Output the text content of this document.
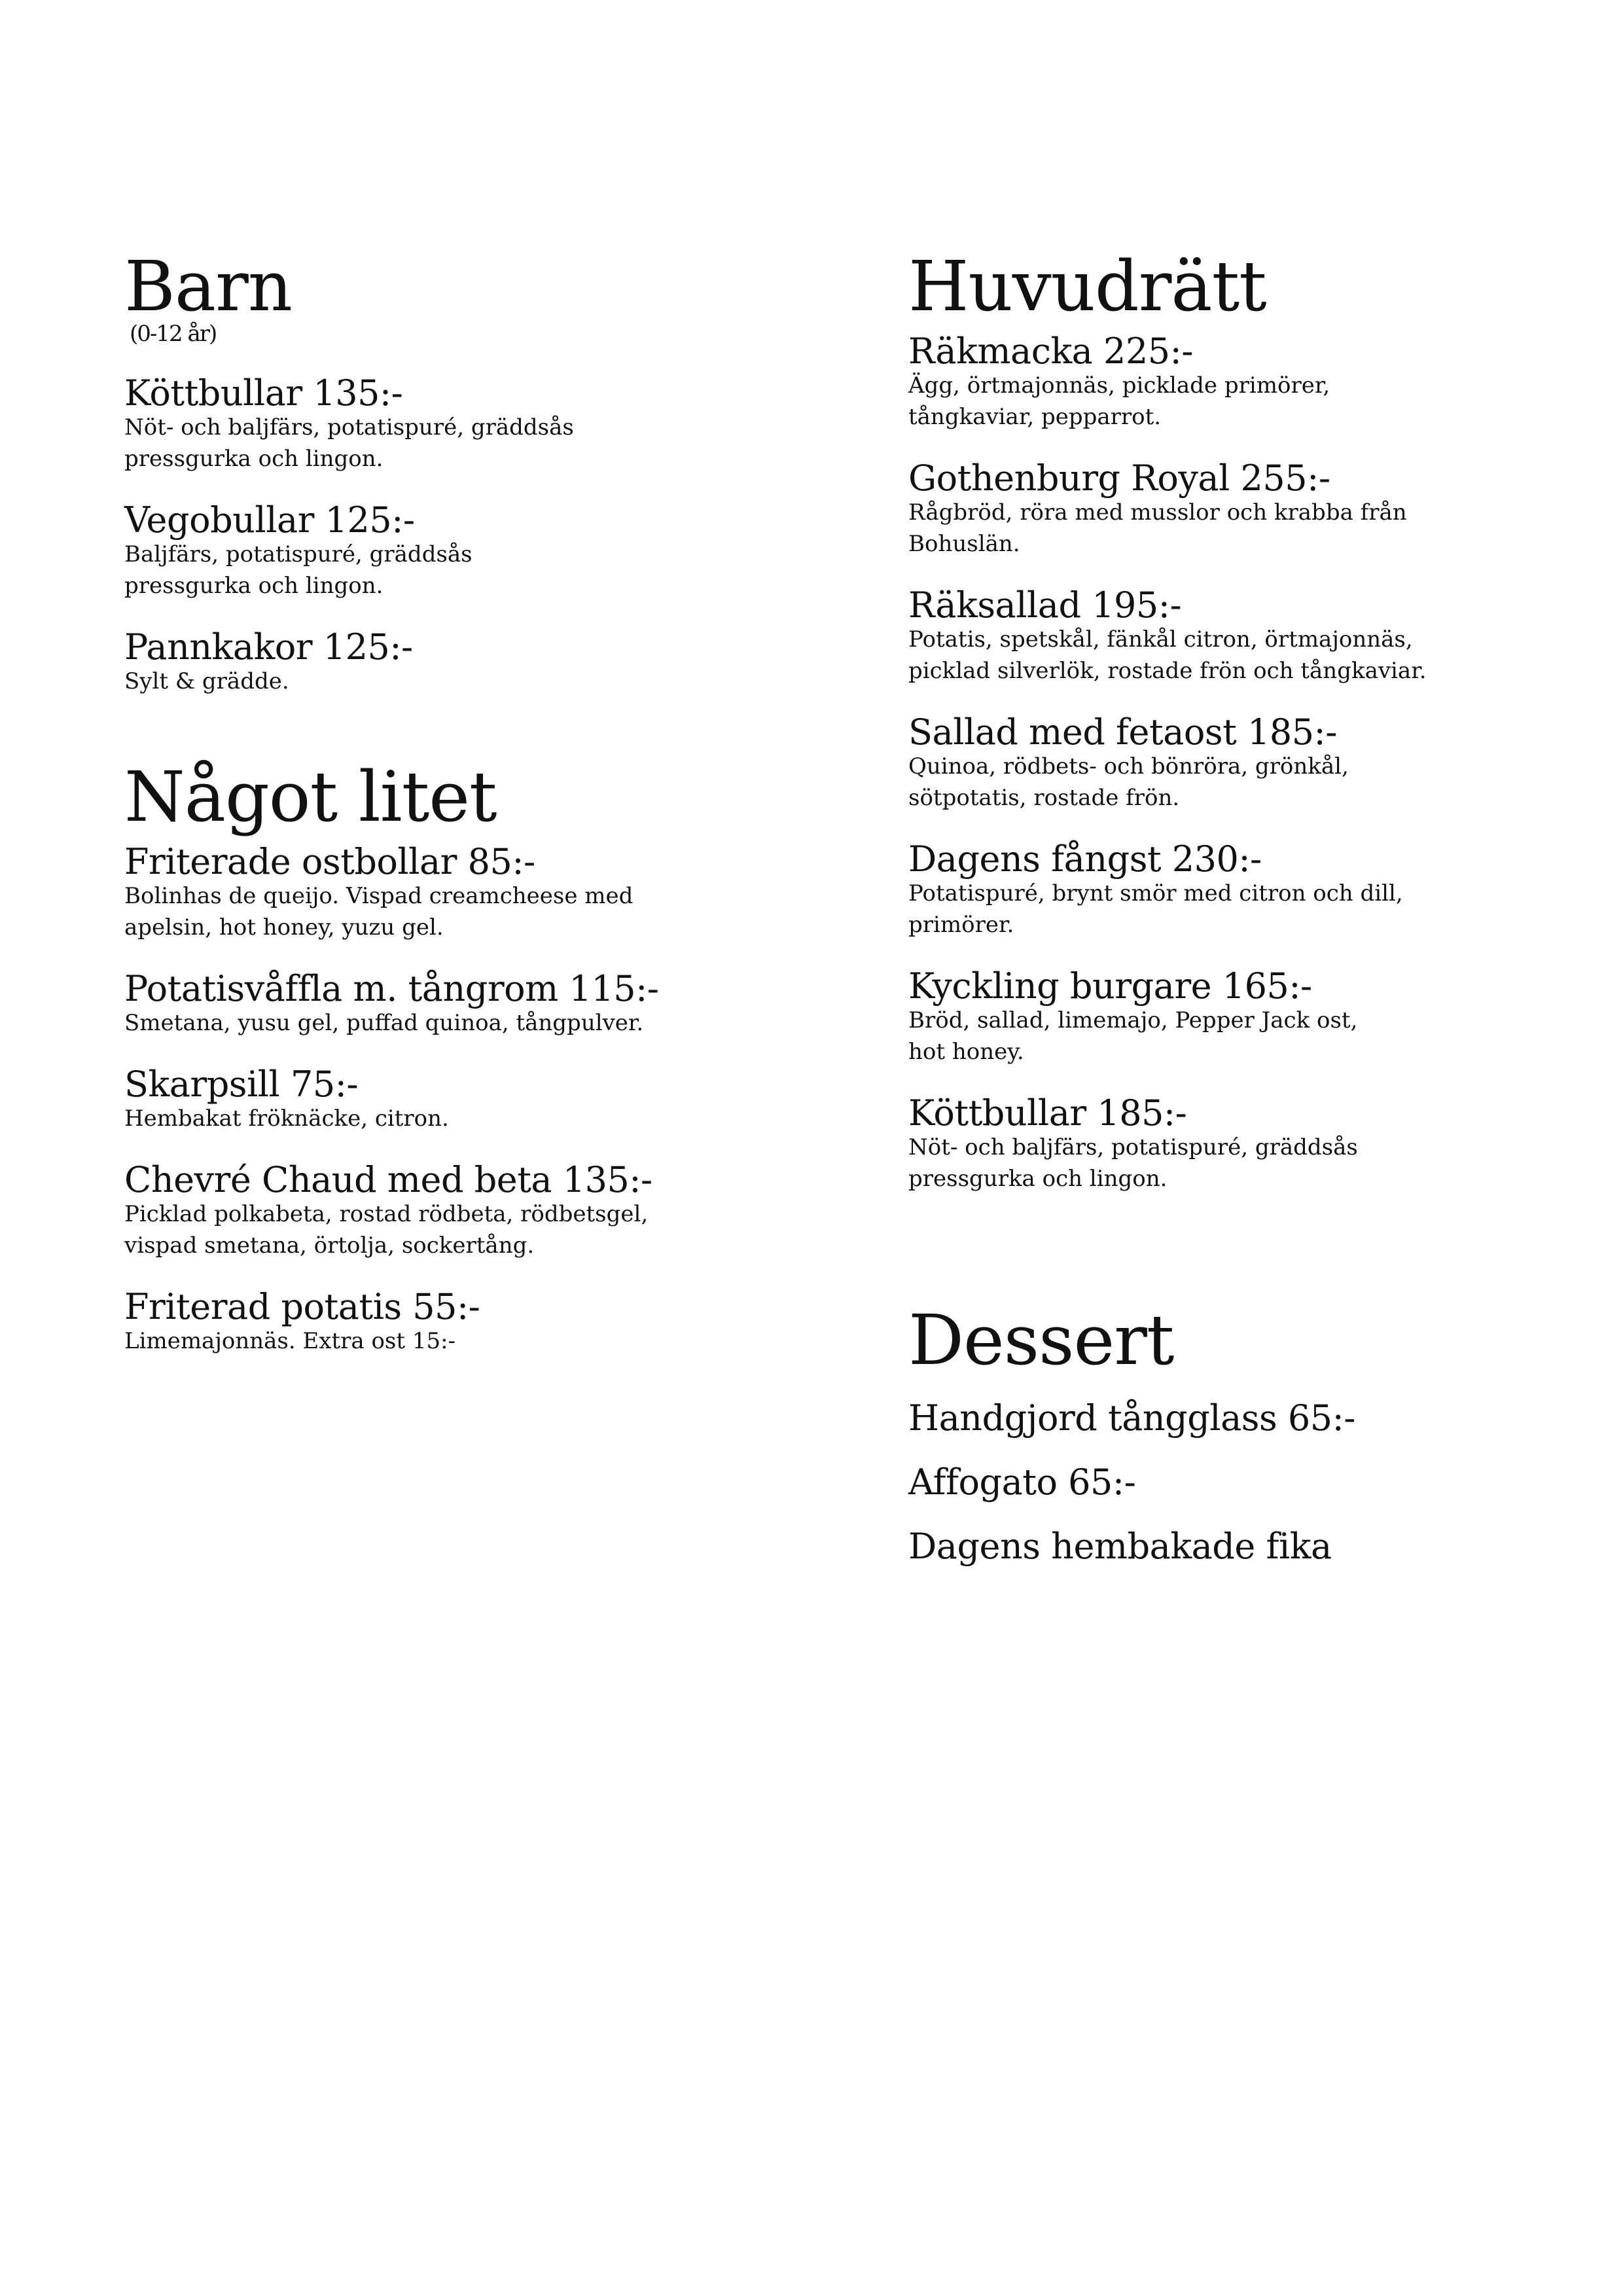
Barn
(0-12 år)
Köttbullar 135:-
Nöt- och baljfärs, potatispuré, gräddsås
pressgurka och lingon.
Vegobullar 125:-
Baljfärs, potatispuré, gräddsås
pressgurka och lingon.
Pannkakor 125:-
Sylt & grädde.
Något litet
Friterade ostbollar 85:-
Bolinhas de queijo. Vispad creamcheese med
apelsin, hot honey, yuzu gel.
Potatisvåffla m. tångrom 115:-
Smetana, yusu gel, puffad quinoa, tångpulver.
Skarpsill 75:-
Hembakat fröknäcke, citron.
Chevré Chaud med beta 135:-
Picklad polkabeta, rostad rödbeta, rödbetsgel,
vispad smetana, örtolja, sockertång.
Friterad potatis 55:-
Limemajonnäs. Extra ost 15:-
Huvudrätt
Räkmacka 225:-
Ägg, örtmajonnäs, picklade primörer,
tångkaviar, pepparrot.
Gothenburg Royal 255:-
Rågbröd, röra med musslor och krabba från
Bohuslän.
Räksallad 195:-
Potatis, spetskål, fänkål citron, örtmajonnäs,
picklad silverlök, rostade frön och tångkaviar.
Sallad med fetaost 185:-
Quinoa, rödbets- och bönröra, grönkål,
sötpotatis, rostade frön.
Dagens fångst 230:-
Potatispuré, brynt smör med citron och dill,
primörer.
Kyckling burgare 165:-
Bröd, sallad, limemajo, Pepper Jack ost,
hot honey.
Köttbullar 185:-
Nöt- och baljfärs, potatispuré, gräddsås
pressgurka och lingon.
Dessert
Handgjord tångglass 65:-
Affogato 65:-
Dagens hembakade fika
